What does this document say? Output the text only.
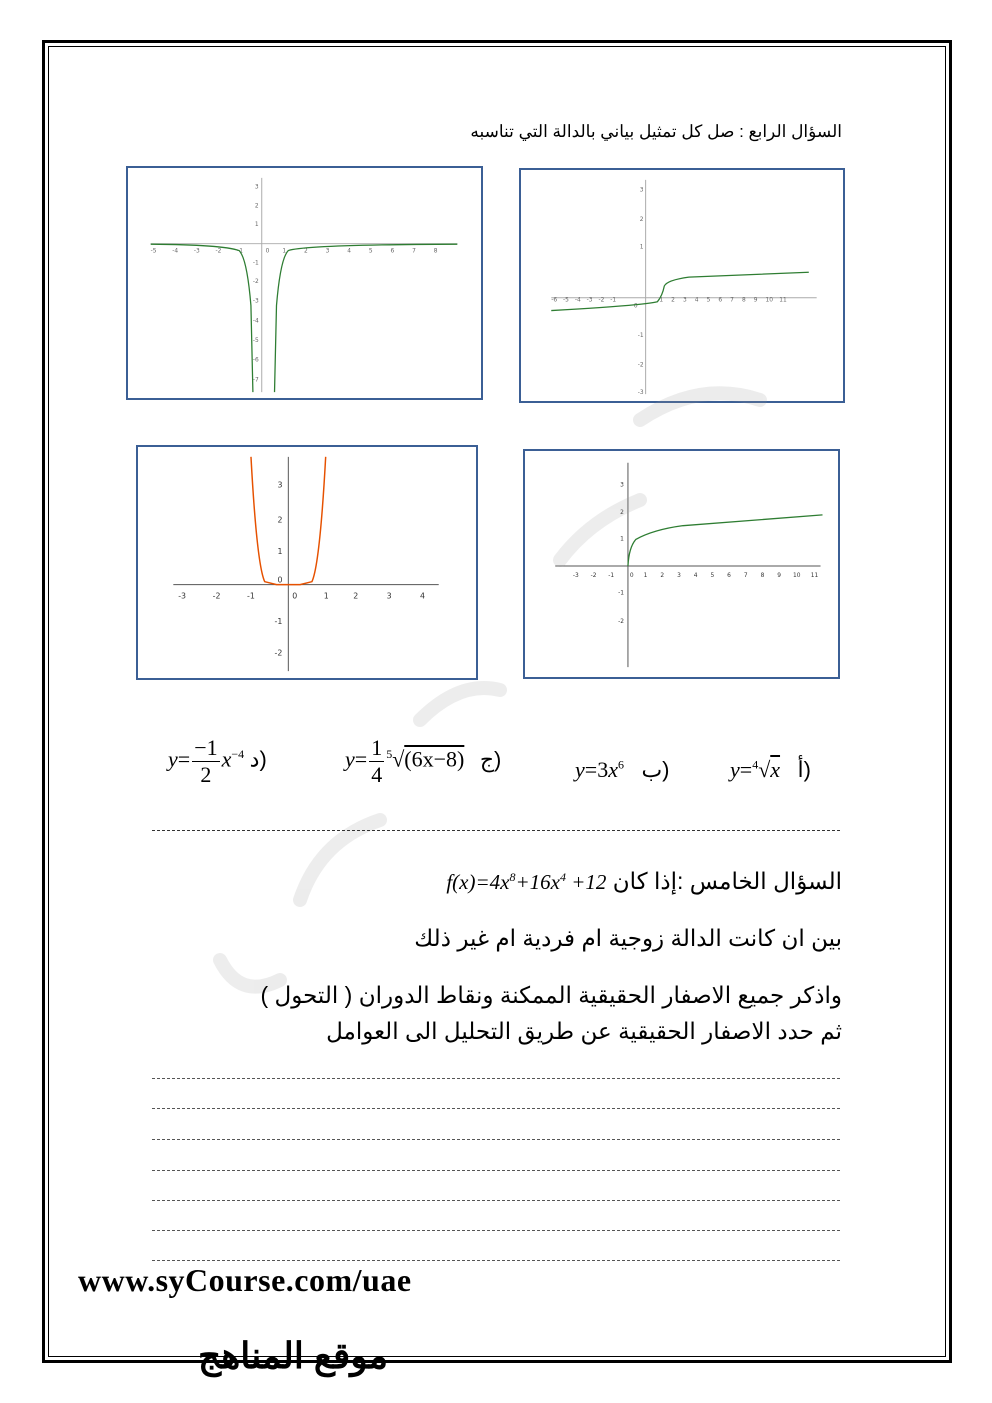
السؤال الرابع : صل كل تمثيل بياني بالدالة التي تناسبه
-5	-4	-3	-2	-1	0 1	2	3	4	5	6	7	8
3
2
1
-1
-2
-3
-4
-5
-6
-7
-6 -5 -4 -3 -2 -1
0
1 2 3 4 5 6 7 8 9 10 11
3
2
1
-1
-2
-3
-3	-2	-1	0	1	2	3	4
3
2
1
0
-1
-2
-3 -2 -1	0 1 2 3 4 5 6 7 8 9 10 11
3
2
1
-1
-2
y=$^4$√x أ)
$y=3x^6$ ب)
$y= \frac{1}{4} ^5√(6x-8)$ ج)
$y= \frac{-1}{2} x^{-4}$ د)
السؤال الخامس :إذا كان $f(x)=4x^8+16x^4 +12$
بين ان كانت الدالة زوجية ام فردية ام غير ذلك
واذكر جميع الاصفار الحقيقية الممكنة ونقاط الدوران ( التحول )
ثم حدد الاصفار الحقيقية عن طريق التحليل الى العوامل
www.syCourse.com/uae
موقع المناهج
